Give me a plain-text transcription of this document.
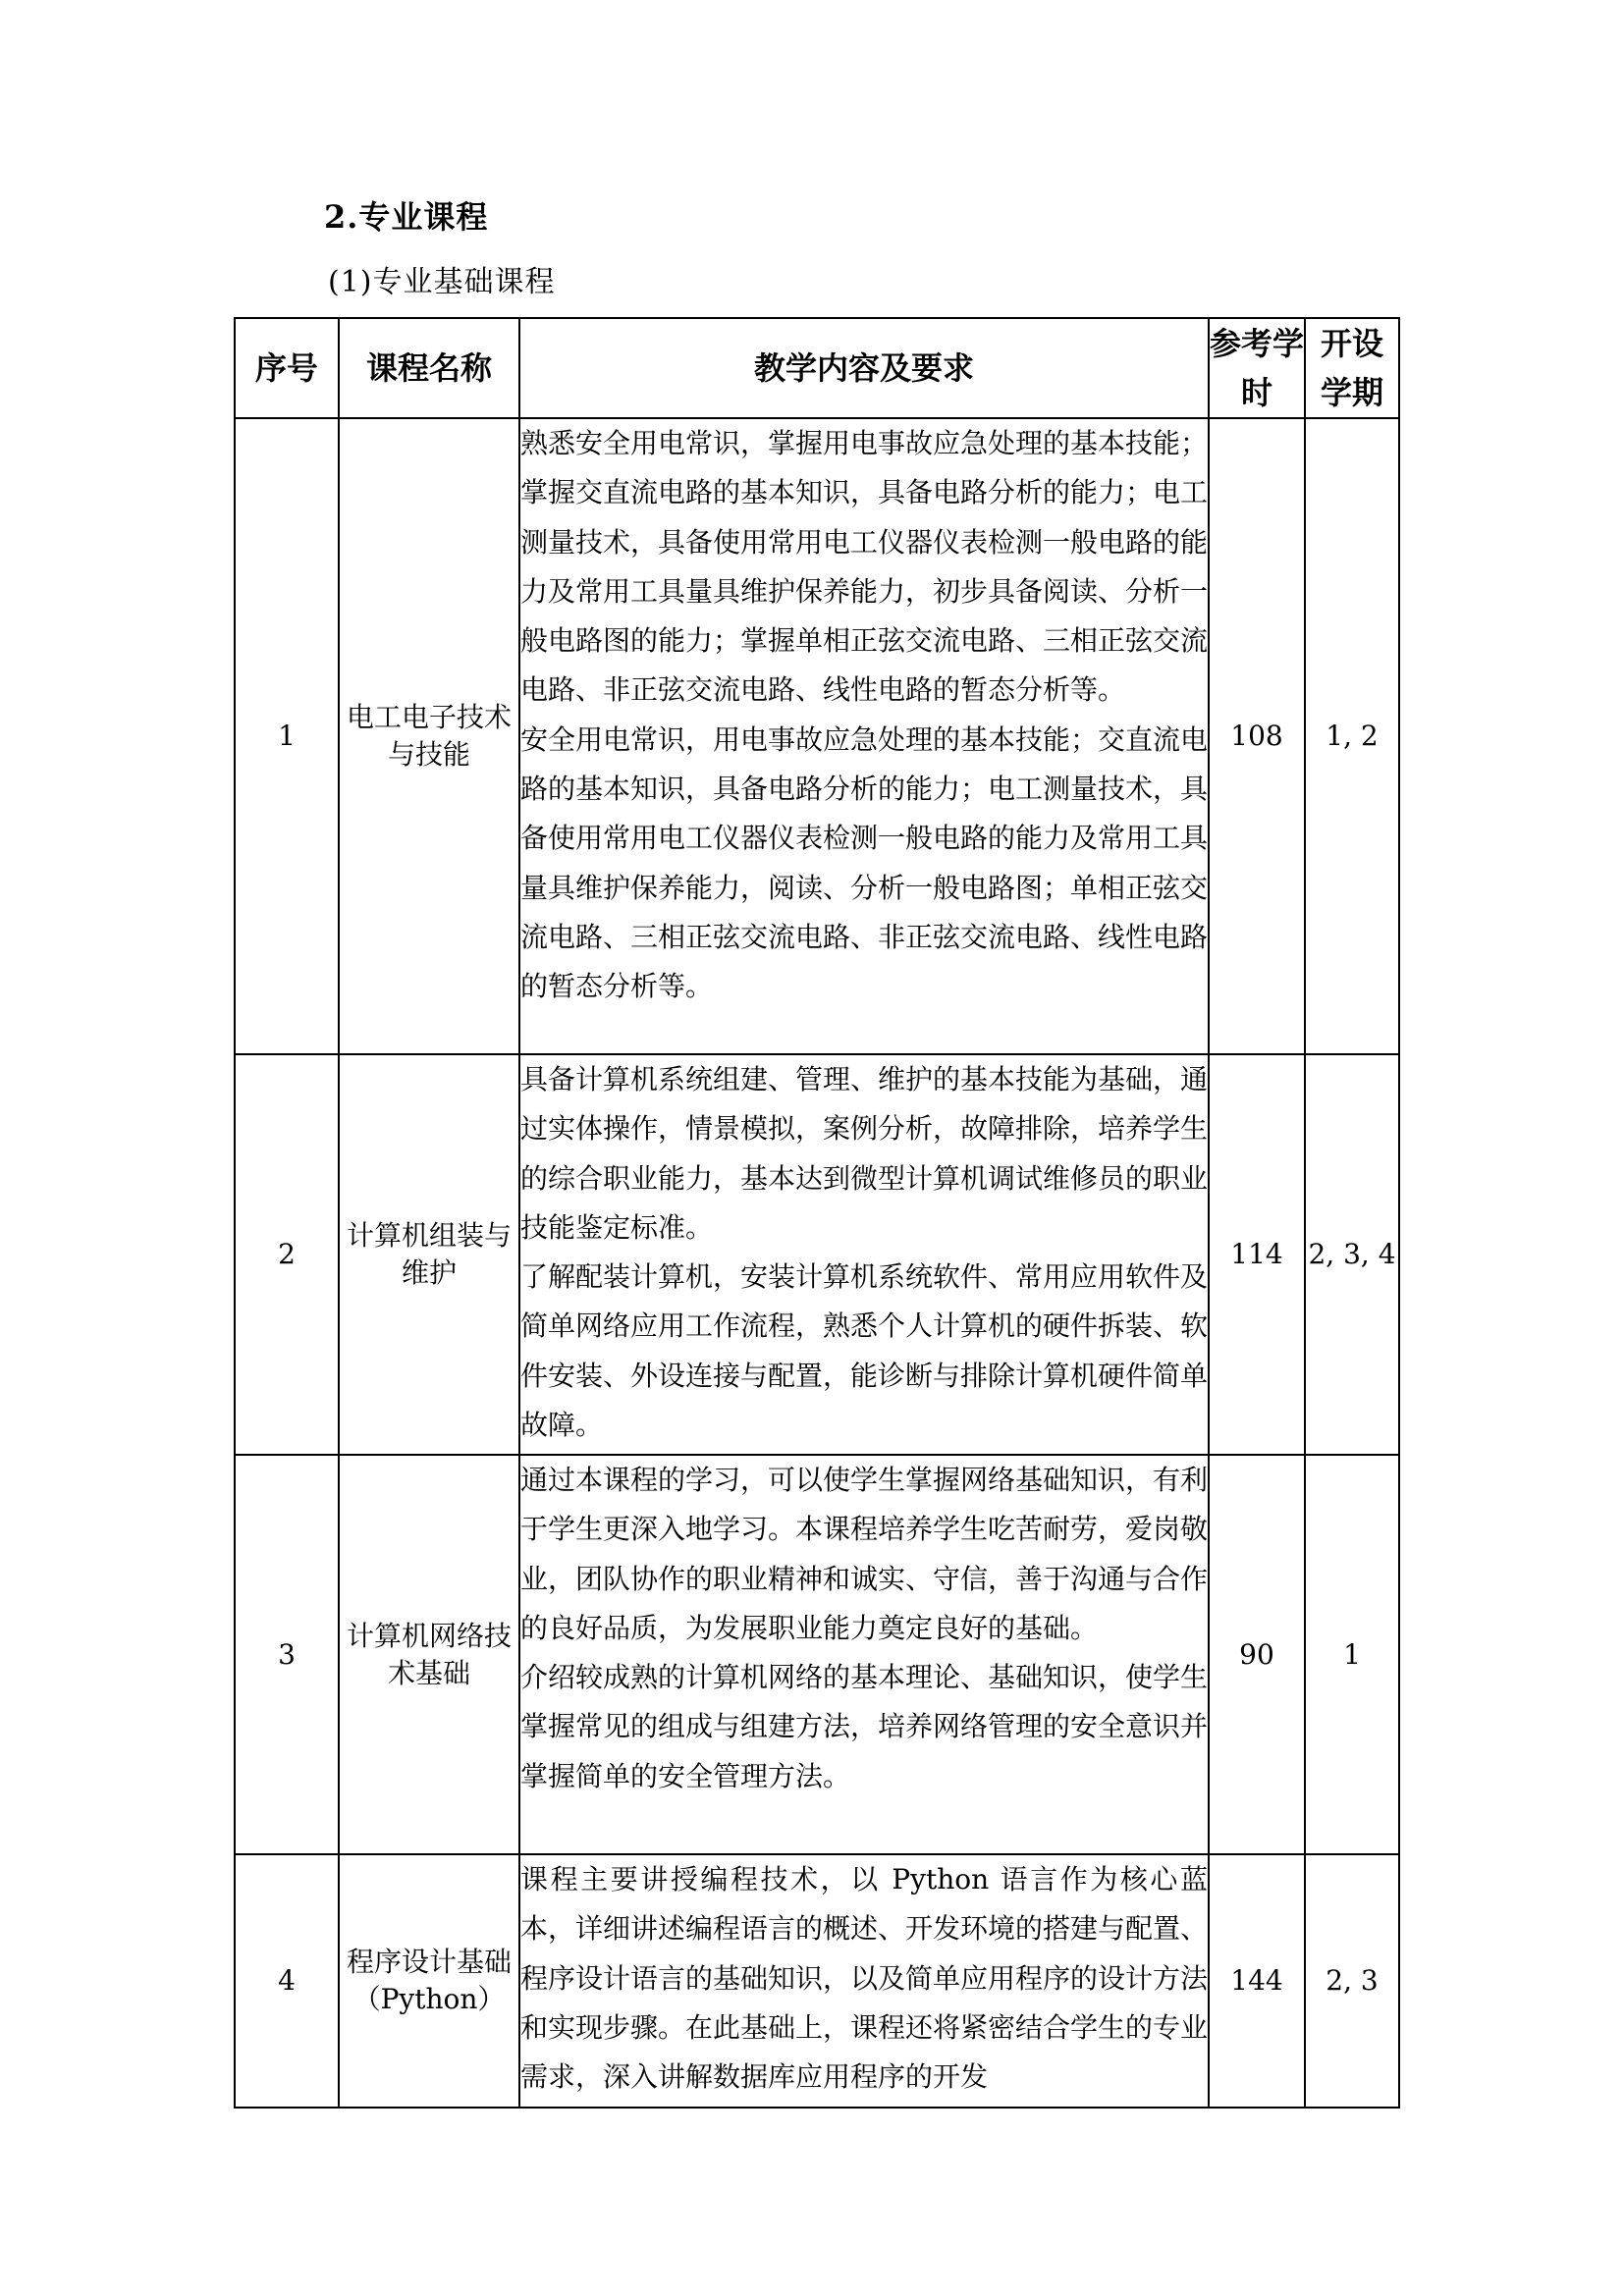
2.专业课程
(1)专业基础课程
序号	课程名称	教学内容及要求	参考学时	开设学期
1	电工电子技术与技能	熟悉安全用电常识，掌握用电事故应急处理的基本技能；掌握交直流电路的基本知识，具备电路分析的能力；电工测量技术，具备使用常用电工仪器仪表检测一般电路的能力及常用工具量具维护保养能力，初步具备阅读、分析一般电路图的能力；掌握单相正弦交流电路、三相正弦交流电路、非正弦交流电路、线性电路的暂态分析等。

安全用电常识，用电事故应急处理的基本技能；交直流电路的基本知识，具备电路分析的能力；电工测量技术，具备使用常用电工仪器仪表检测一般电路的能力及常用工具量具维护保养能力，阅读、分析一般电路图；单相正弦交流电路、三相正弦交流电路、非正弦交流电路、线性电路的暂态分析等。	108	1, 2
2	计算机组装与维护	具备计算机系统组建、管理、维护的基本技能为基础，通过实体操作，情景模拟，案例分析，故障排除，培养学生的综合职业能力，基本达到微型计算机调试维修员的职业技能鉴定标准。

了解配装计算机，安装计算机系统软件、常用应用软件及简单网络应用工作流程，熟悉个人计算机的硬件拆装、软件安装、外设连接与配置，能诊断与排除计算机硬件简单故障。	114	2, 3, 4
3	计算机网络技术基础	通过本课程的学习，可以使学生掌握网络基础知识，有利于学生更深入地学习。本课程培养学生吃苦耐劳，爱岗敬业，团队协作的职业精神和诚实、守信，善于沟通与合作的良好品质，为发展职业能力奠定良好的基础。

介绍较成熟的计算机网络的基本理论、基础知识，使学生掌握常见的组成与组建方法，培养网络管理的安全意识并掌握简单的安全管理方法。	90	1
4	程序设计基础（Python）	课程主要讲授编程技术，以 Python 语言作为核心蓝本，详细讲述编程语言的概述、开发环境的搭建与配置、程序设计语言的基础知识，以及简单应用程序的设计方法和实现步骤。在此基础上，课程还将紧密结合学生的专业需求，深入讲解数据库应用程序的开发	144	2, 3
